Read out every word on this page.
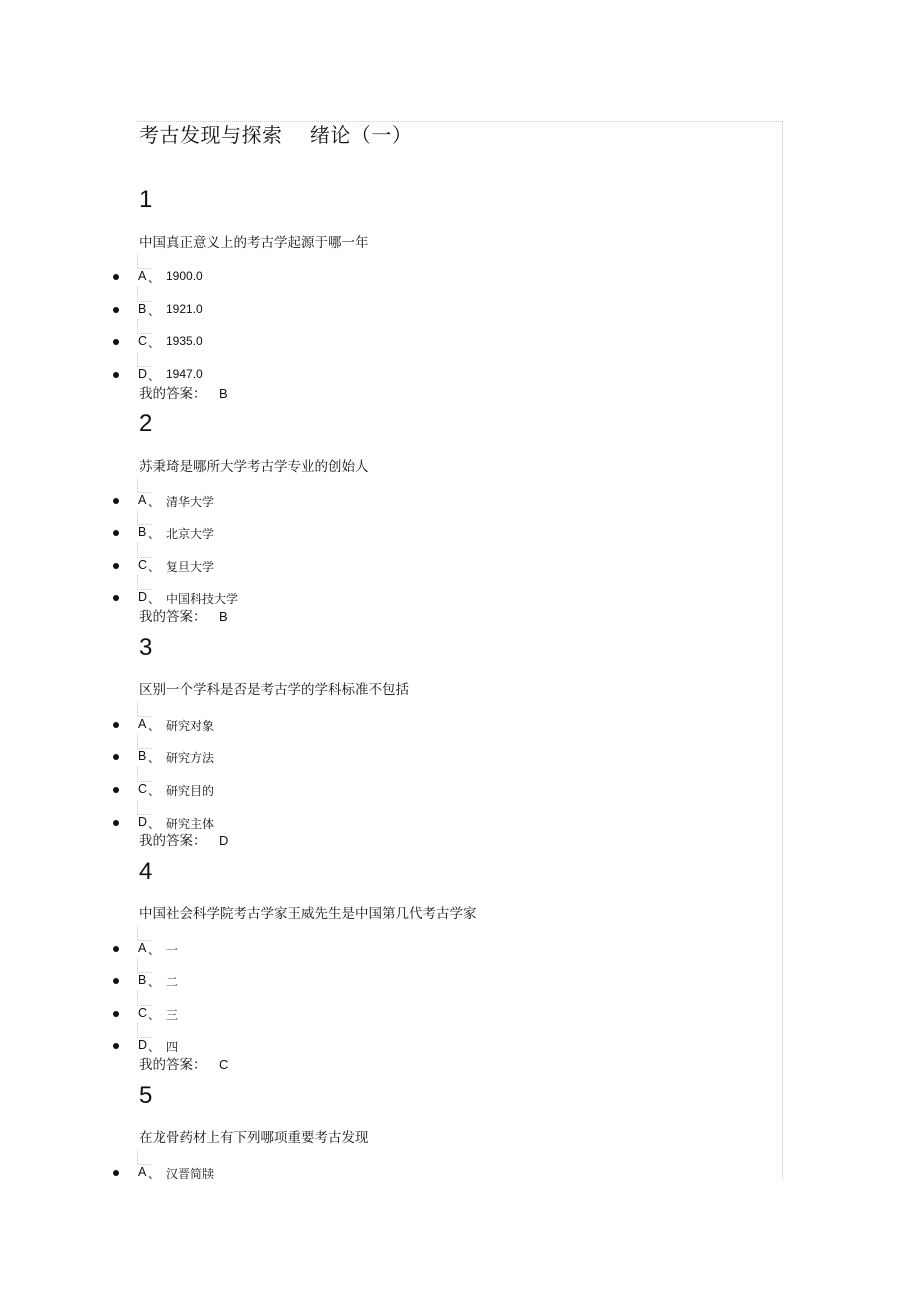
考古发现与探索    绪论（一）
1
中国真正意义上的考古学起源于哪一年
A 、 1900.0
B 、 1921.0
C 、 1935.0
D 、 1947.0
我的答案： B
2
苏秉琦是哪所大学考古学专业的创始人
A 、 清华大学
B 、 北京大学
C 、 复旦大学
D 、 中国科技大学
我的答案： B
3
区别一个学科是否是考古学的学科标准不包括
A 、 研究对象
B 、 研究方法
C 、 研究目的
D 、 研究主体
我的答案： D
4
中国社会科学院考古学家王威先生是中国第几代考古学家
A 、 一
B 、 二
C 、 三
D 、 四
我的答案： C
5
在龙骨药材上有下列哪项重要考古发现
A 、 汉晋简牍
